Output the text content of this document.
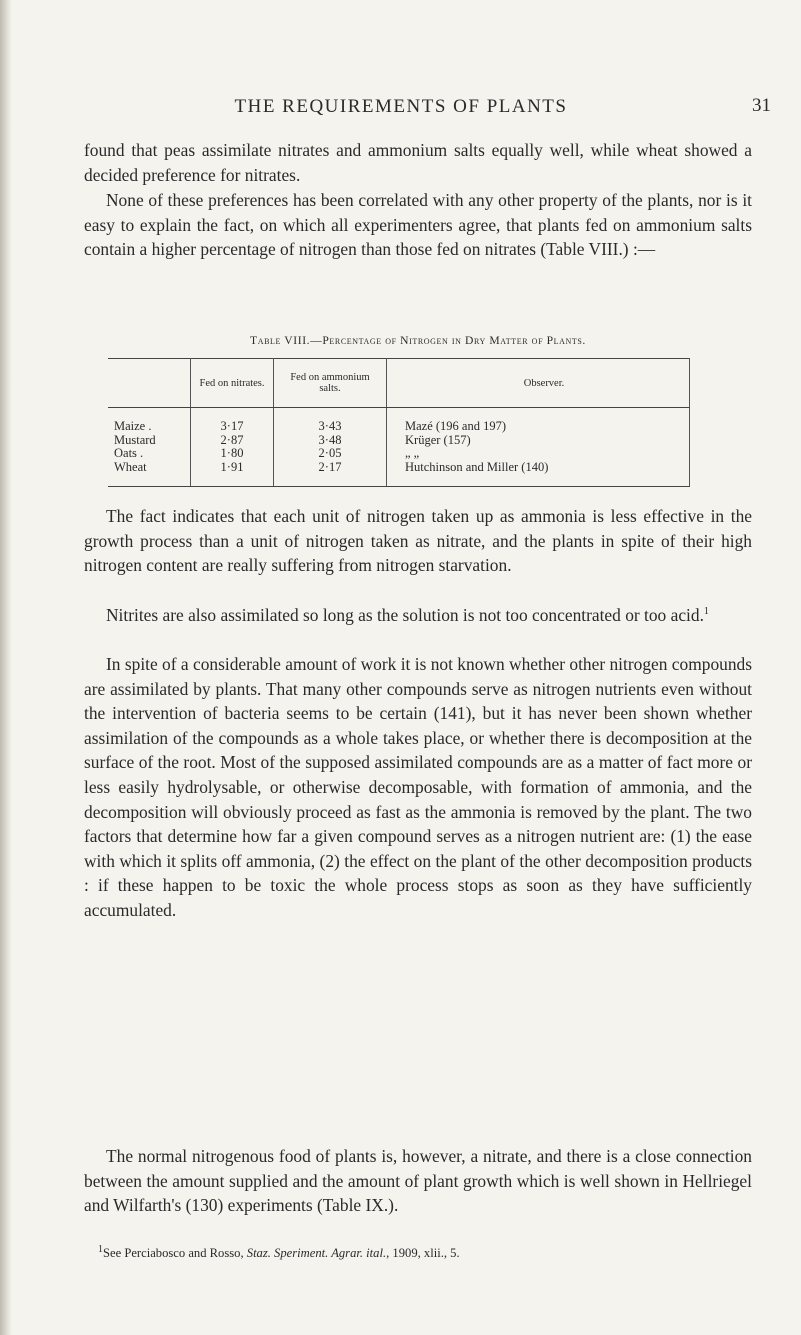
THE REQUIREMENTS OF PLANTS	31

found that peas assimilate nitrates and ammonium salts equally well, while wheat showed a decided preference for nitrates.

None of these preferences has been correlated with any other property of the plants, nor is it easy to explain the fact, on which all experimenters agree, that plants fed on ammonium salts contain a higher percentage of nitrogen than those fed on nitrates (Table VIII.) :—

Table VIII.—Percentage of Nitrogen in Dry Matter of Plants.
	Fed on nitrates.	Fed on ammonium salts.	Observer.
Maize .	3·17	3·43	Mazé (196 and 197)
Mustard	2·87	3·48	Krüger (157)
Oats .	1·80	2·05	„ „
Wheat	1·91	2·17	Hutchinson and Miller (140)

The fact indicates that each unit of nitrogen taken up as ammonia is less effective in the growth process than a unit of nitrogen taken as nitrate, and the plants in spite of their high nitrogen content are really suffering from nitrogen starvation.

Nitrites are also assimilated so long as the solution is not too concentrated or too acid.$^1$

In spite of a considerable amount of work it is not known whether other nitrogen compounds are assimilated by plants. That many other compounds serve as nitrogen nutrients even without the intervention of bacteria seems to be certain (141), but it has never been shown whether assimilation of the compounds as a whole takes place, or whether there is decomposition at the surface of the root. Most of the supposed assimilated compounds are as a matter of fact more or less easily hydrolysable, or otherwise decomposable, with formation of ammonia, and the decomposition will obviously proceed as fast as the ammonia is removed by the plant. The two factors that determine how far a given compound serves as a nitrogen nutrient are: (1) the ease with which it splits off ammonia, (2) the effect on the plant of the other decomposition products : if these happen to be toxic the whole process stops as soon as they have sufficiently accumulated.

The normal nitrogenous food of plants is, however, a nitrate, and there is a close connection between the amount supplied and the amount of plant growth which is well shown in Hellriegel and Wilfarth's (130) experiments (Table IX.).

$^1$See Perciabosco and Rosso, Staz. Speriment. Agrar. ital., 1909, xlii., 5.
